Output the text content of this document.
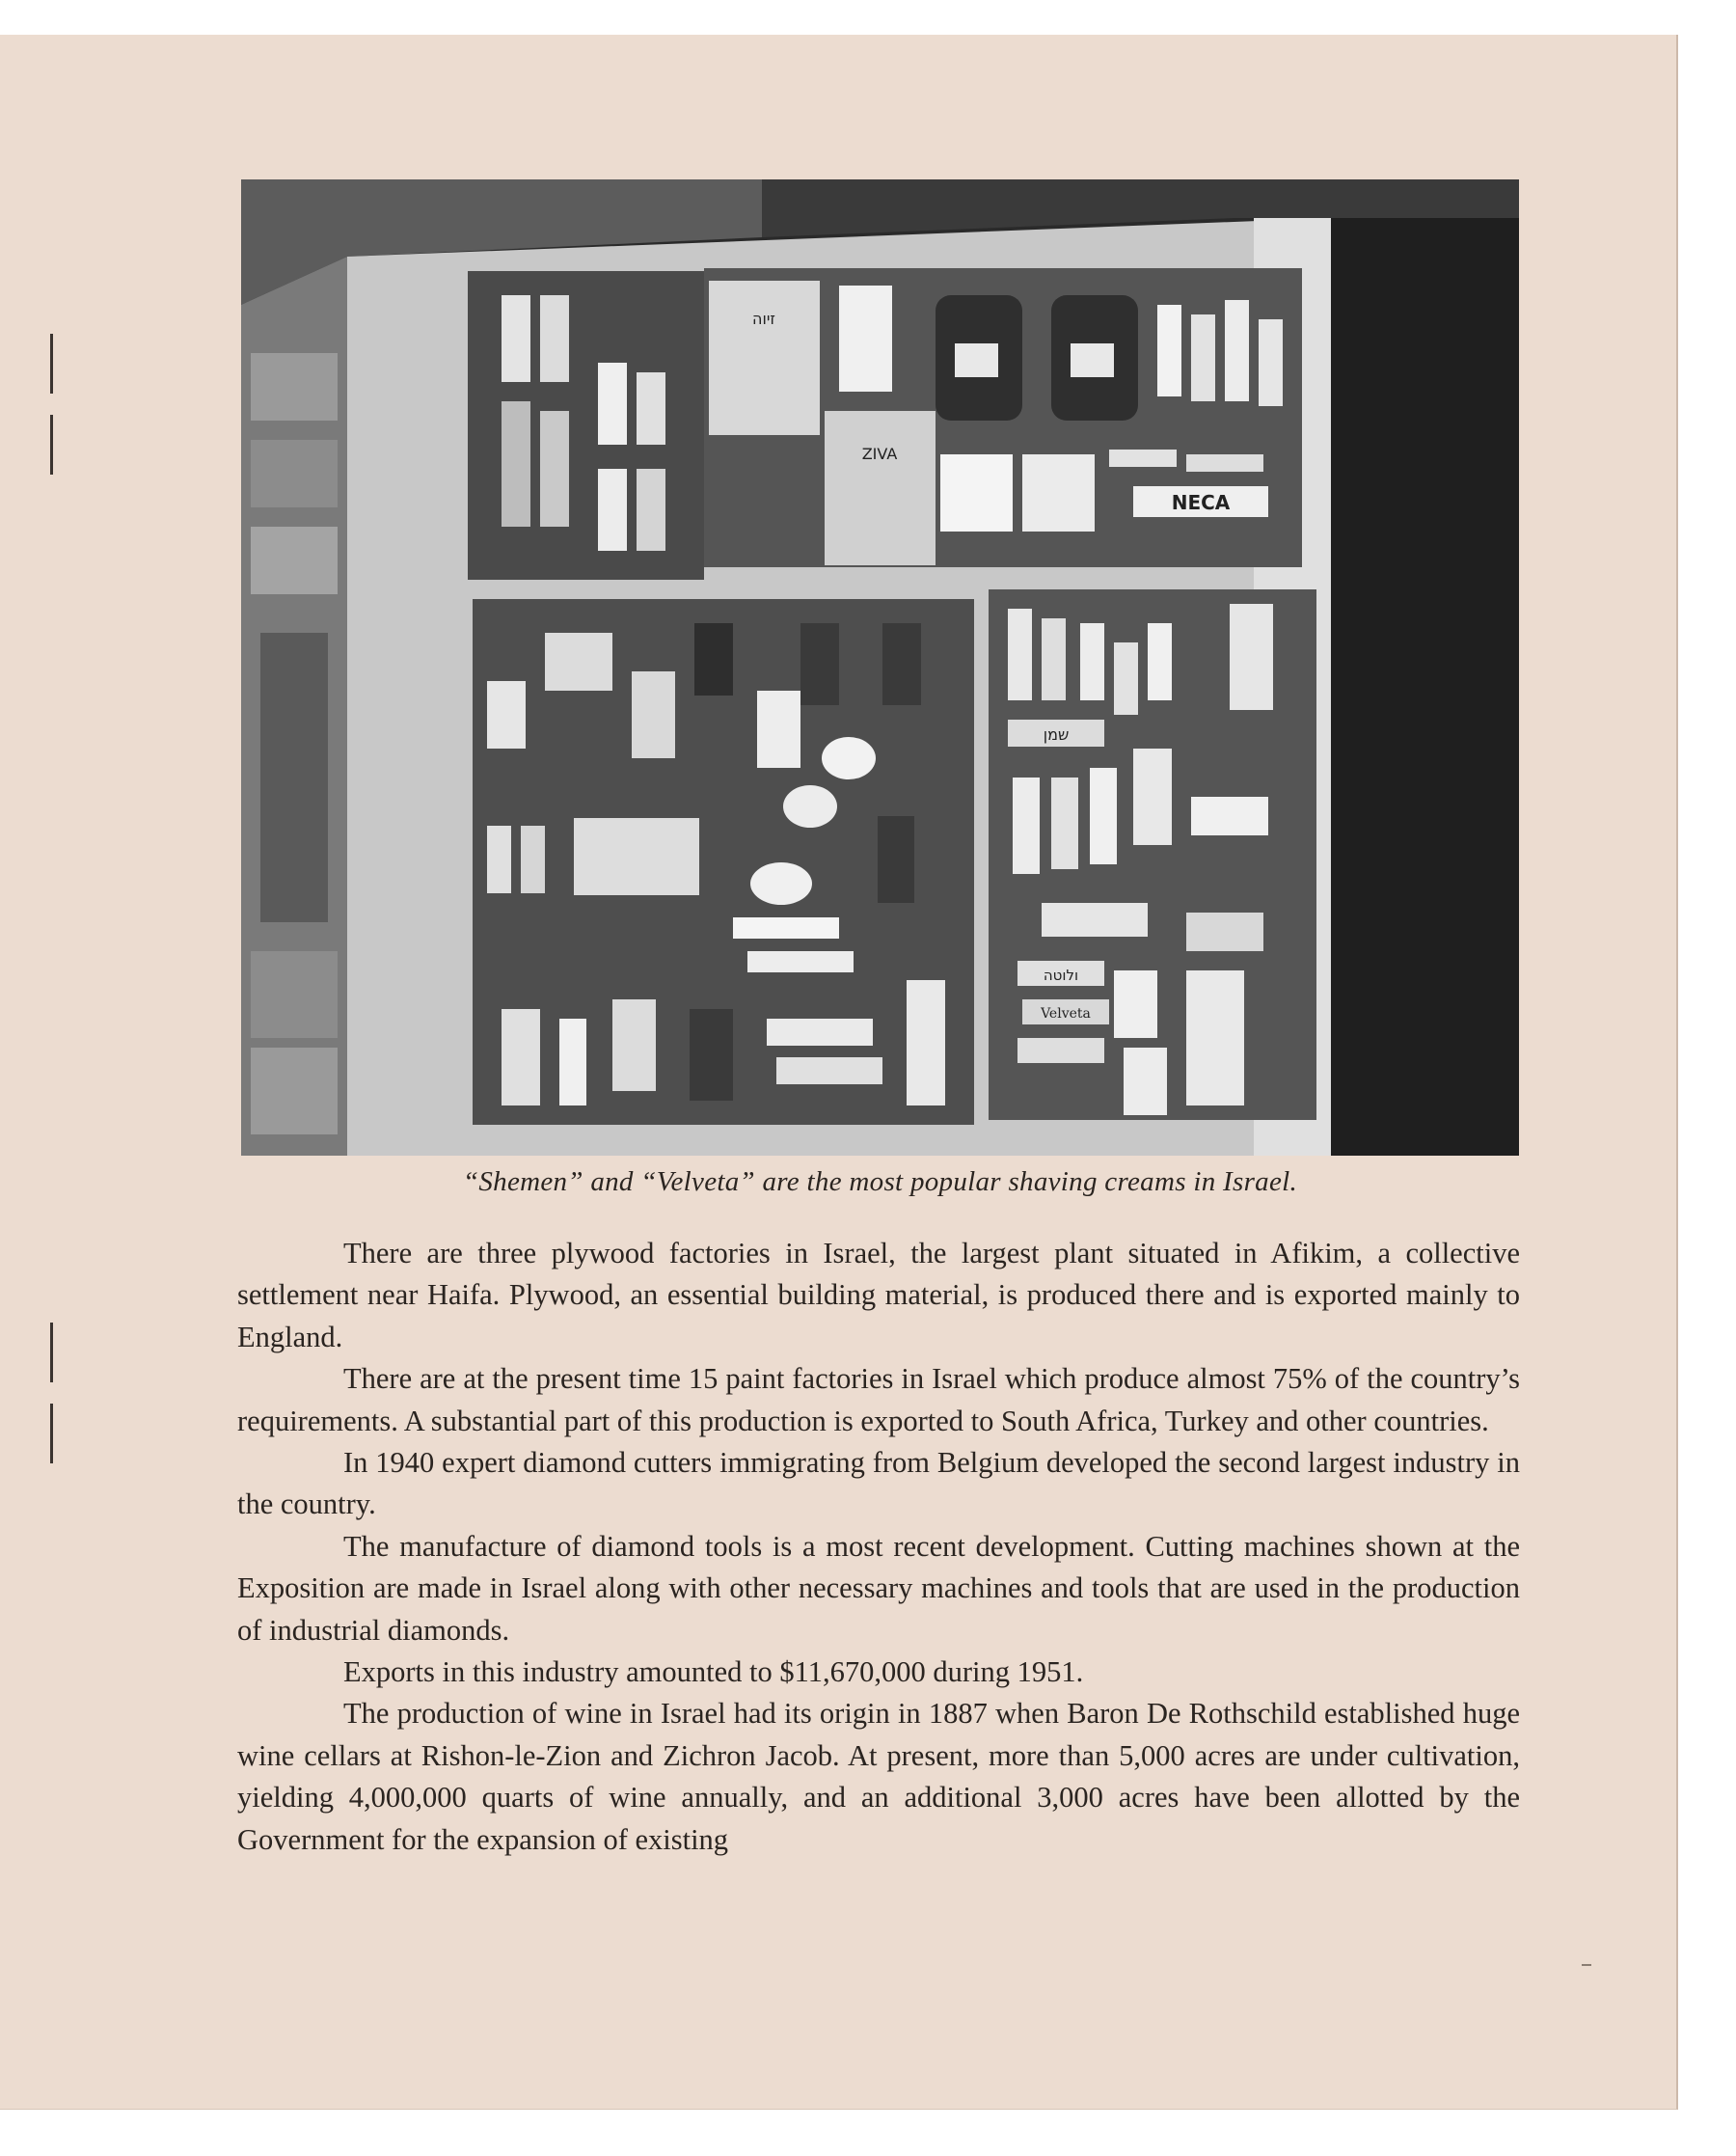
זיוה
ZIVA
NECA
שמן
ולוטה
Velveta
“Shemen” and “Velveta” are the most popular shaving creams in Israel.

There are three plywood factories in Israel, the largest plant situated in Afikim, a collective settlement near Haifa. Plywood, an essential building material, is produced there and is exported mainly to England.

There are at the present time 15 paint factories in Israel which produce almost 75% of the country’s requirements. A substantial part of this production is exported to South Africa, Turkey and other countries.

In 1940 expert diamond cutters immigrating from Belgium developed the second largest industry in the country.

The manufacture of diamond tools is a most recent development. Cutting machines shown at the Exposition are made in Israel along with other necessary machines and tools that are used in the production of industrial diamonds.

Exports in this industry amounted to $11,670,000 during 1951.

The production of wine in Israel had its origin in 1887 when Baron De Rothschild established huge wine cellars at Rishon-le-Zion and Zichron Jacob. At present, more than 5,000 acres are under cultivation, yielding 4,000,000 quarts of wine annually, and an additional 3,000 acres have been allotted by the Government for the expansion of existing
